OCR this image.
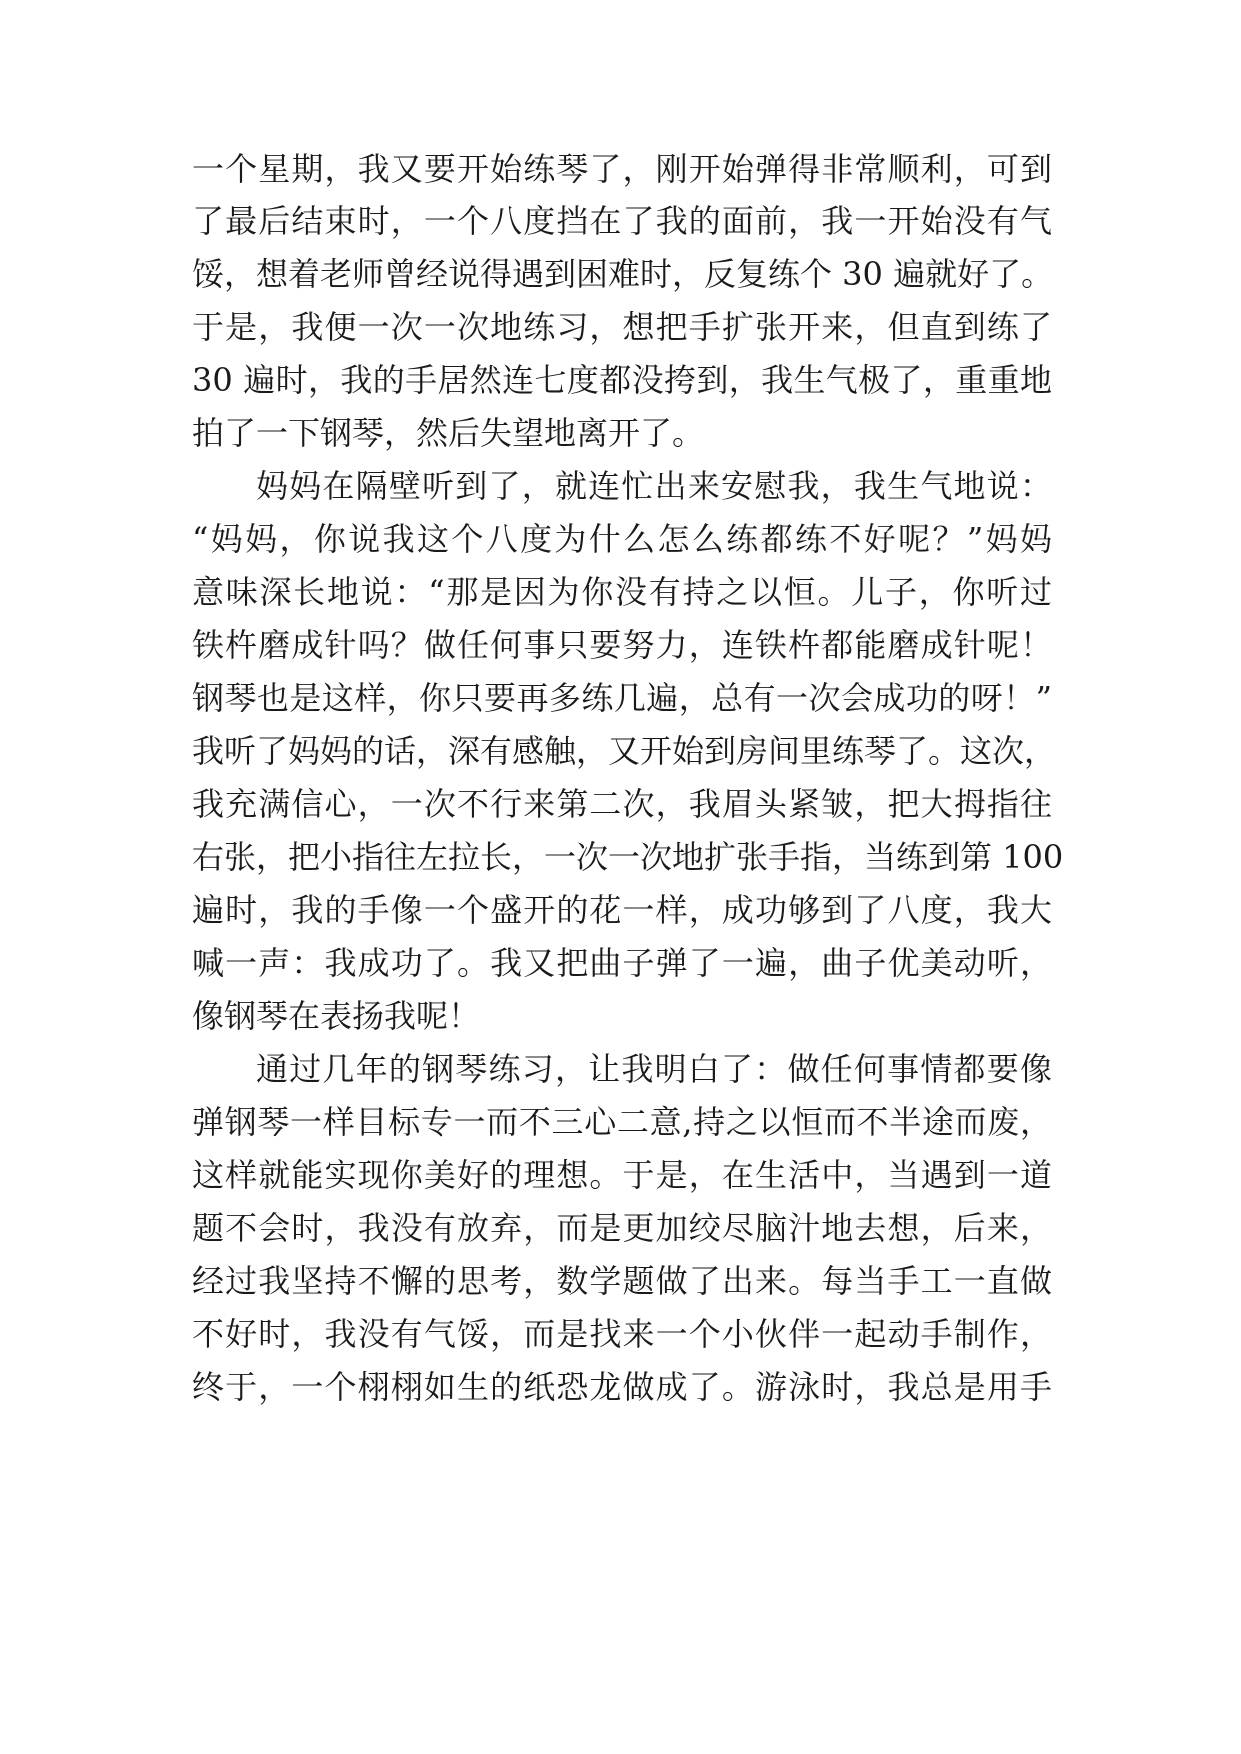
一个星期，我又要开始练琴了，刚开始弹得非常顺利，可到
了最后结束时，一个八度挡在了我的面前，我一开始没有气
馁，想着老师曾经说得遇到困难时，反复练个 30 遍就好了。
于是，我便一次一次地练习，想把手扩张开来，但直到练了
30 遍时，我的手居然连七度都没挎到，我生气极了，重重地
拍了一下钢琴，然后失望地离开了。
妈妈在隔壁听到了，就连忙出来安慰我，我生气地说：
“妈妈，你说我这个八度为什么怎么练都练不好呢？”妈妈
意味深长地说：“那是因为你没有持之以恒。儿子，你听过
铁杵磨成针吗？做任何事只要努力，连铁杵都能磨成针呢！
钢琴也是这样，你只要再多练几遍，总有一次会成功的呀！”
我听了妈妈的话，深有感触，又开始到房间里练琴了。这次，
我充满信心，一次不行来第二次，我眉头紧皱，把大拇指往
右张，把小指往左拉长，一次一次地扩张手指，当练到第 100
遍时，我的手像一个盛开的花一样，成功够到了八度，我大
喊一声：我成功了。我又把曲子弹了一遍，曲子优美动听，
像钢琴在表扬我呢！
通过几年的钢琴练习，让我明白了：做任何事情都要像
弹钢琴一样目标专一而不三心二意,持之以恒而不半途而废，
这样就能实现你美好的理想。于是，在生活中，当遇到一道
题不会时，我没有放弃，而是更加绞尽脑汁地去想，后来，
经过我坚持不懈的思考，数学题做了出来。每当手工一直做
不好时，我没有气馁，而是找来一个小伙伴一起动手制作，
终于，一个栩栩如生的纸恐龙做成了。游泳时，我总是用手
